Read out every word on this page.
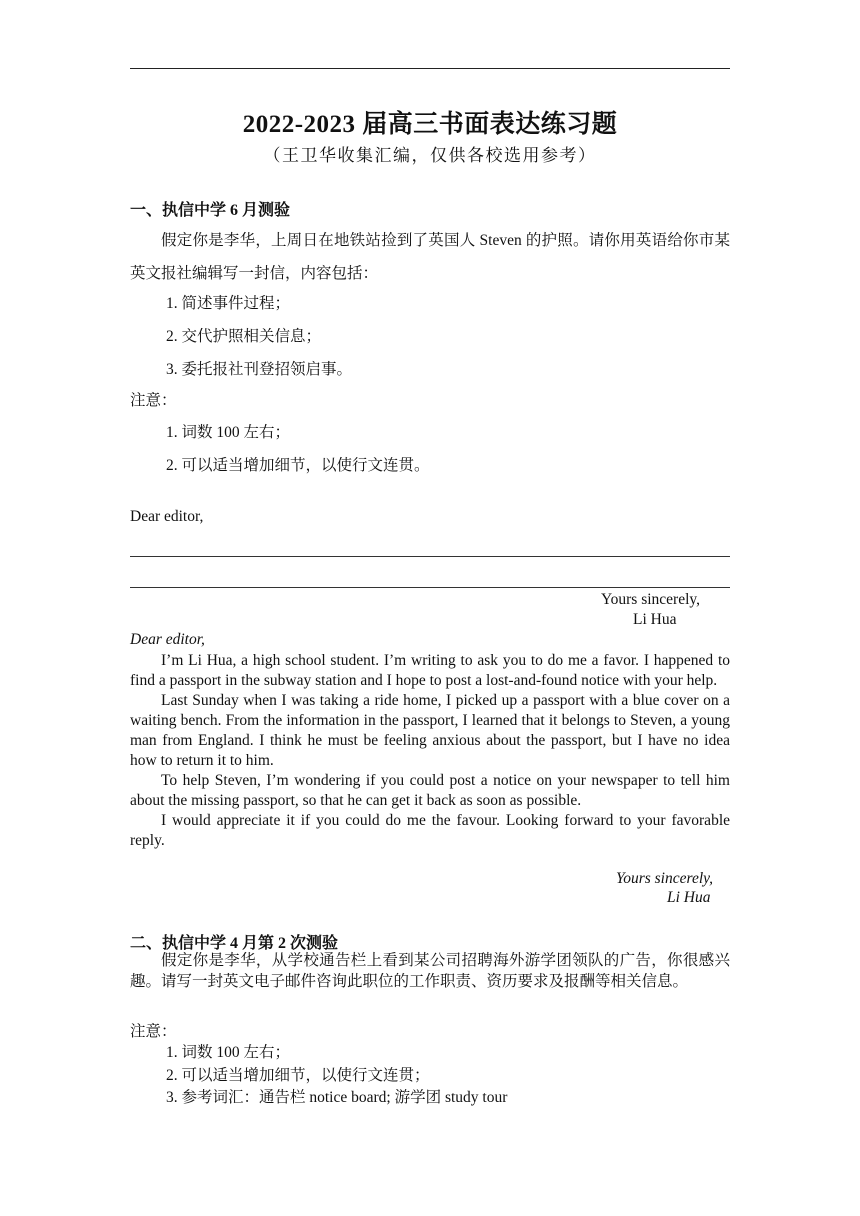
2022-2023 届高三书面表达练习题
（王卫华收集汇编，仅供各校选用参考）
一、执信中学 6 月测验
假定你是李华，上周日在地铁站捡到了英国人 Steven 的护照。请你用英语给你市某英文报社编辑写一封信，内容包括：
1. 简述事件过程；
2. 交代护照相关信息；
3. 委托报社刊登招领启事。
注意：
1. 词数 100 左右；
2. 可以适当增加细节，以使行文连贯。
Dear editor,
Yours sincerely,
Li Hua
Dear editor,

I’m Li Hua, a high school student. I’m writing to ask you to do me a favor. I happened to find a passport in the subway station and I hope to post a lost-and-found notice with your help.

Last Sunday when I was taking a ride home, I picked up a passport with a blue cover on a waiting bench. From the information in the passport, I learned that it belongs to Steven, a young man from England. I think he must be feeling anxious about the passport, but I have no idea how to return it to him.

To help Steven, I’m wondering if you could post a notice on your newspaper to tell him about the missing passport, so that he can get it back as soon as possible.

I would appreciate it if you could do me the favour. Looking forward to your favorable reply.

Yours sincerely,
Li Hua
二、执信中学 4 月第 2 次测验
假定你是李华，从学校通告栏上看到某公司招聘海外游学团领队的广告，你很感兴趣。请写一封英文电子邮件咨询此职位的工作职责、资历要求及报酬等相关信息。
注意：
1. 词数 100 左右；
2. 可以适当增加细节，以使行文连贯；
3. 参考词汇：通告栏 notice board; 游学团 study tour
